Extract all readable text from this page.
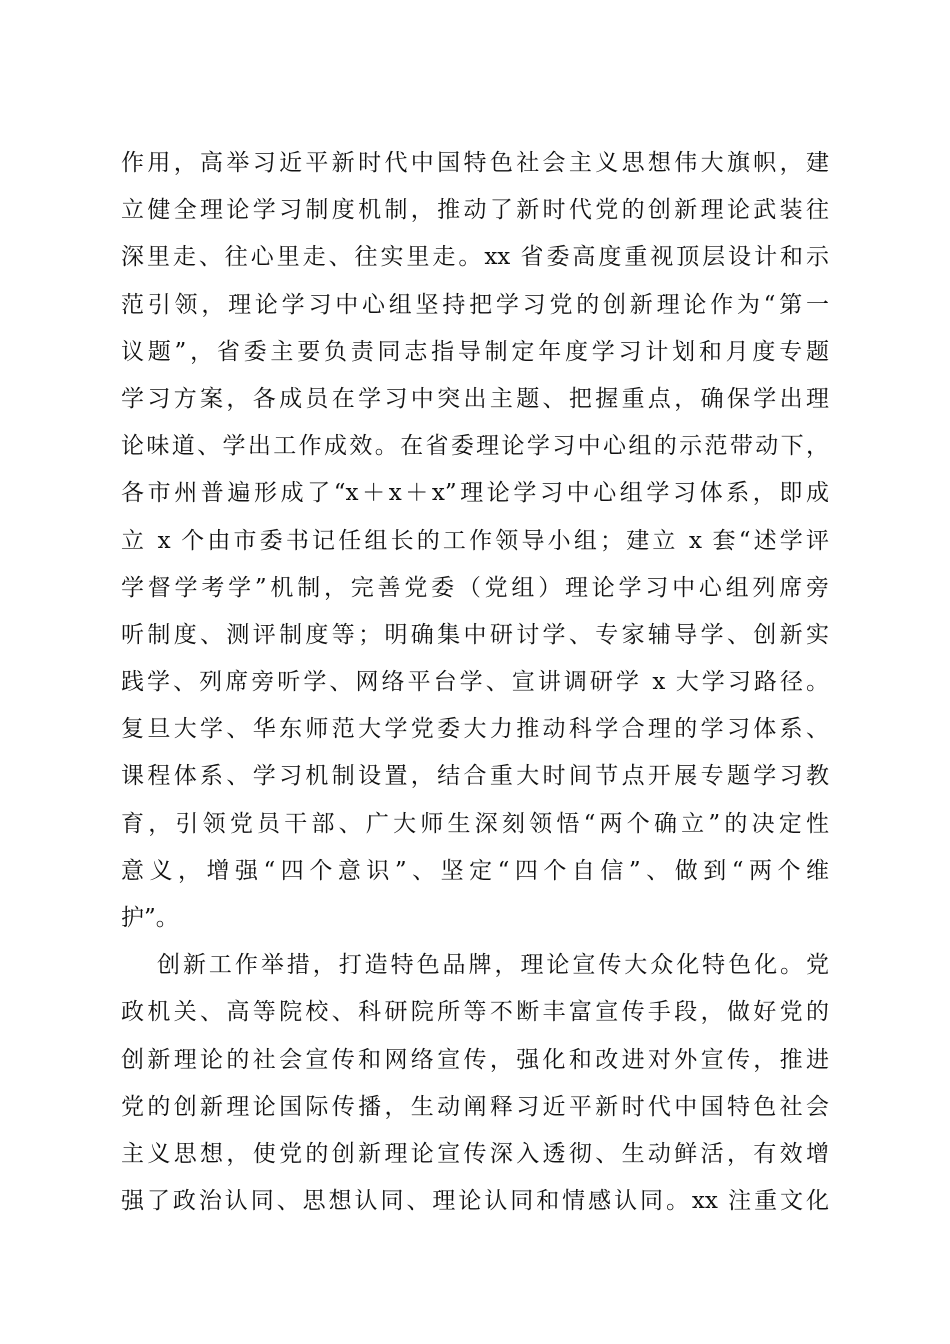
作用，高举习近平新时代中国特色社会主义思想伟大旗帜，建
立健全理论学习制度机制，推动了新时代党的创新理论武装往
深里走、往心里走、往实里走。xx 省委高度重视顶层设计和示
范引领，理论学习中心组坚持把学习党的创新理论作为“第一
议题”，省委主要负责同志指导制定年度学习计划和月度专题
学习方案，各成员在学习中突出主题、把握重点，确保学出理
论味道、学出工作成效。在省委理论学习中心组的示范带动下，
各市州普遍形成了“x＋x＋x”理论学习中心组学习体系，即成
立 x 个由市委书记任组长的工作领导小组；建立 x 套“述学评
学督学考学”机制，完善党委（党组）理论学习中心组列席旁
听制度、测评制度等；明确集中研讨学、专家辅导学、创新实
践学、列席旁听学、网络平台学、宣讲调研学 x 大学习路径。
复旦大学、华东师范大学党委大力推动科学合理的学习体系、
课程体系、学习机制设置，结合重大时间节点开展专题学习教
育，引领党员干部、广大师生深刻领悟“两个确立”的决定性
意义，增强“四个意识”、坚定“四个自信”、做到“两个维
护”。
创新工作举措，打造特色品牌，理论宣传大众化特色化。党
政机关、高等院校、科研院所等不断丰富宣传手段，做好党的
创新理论的社会宣传和网络宣传，强化和改进对外宣传，推进
党的创新理论国际传播，生动阐释习近平新时代中国特色社会
主义思想，使党的创新理论宣传深入透彻、生动鲜活，有效增
强了政治认同、思想认同、理论认同和情感认同。xx 注重文化
